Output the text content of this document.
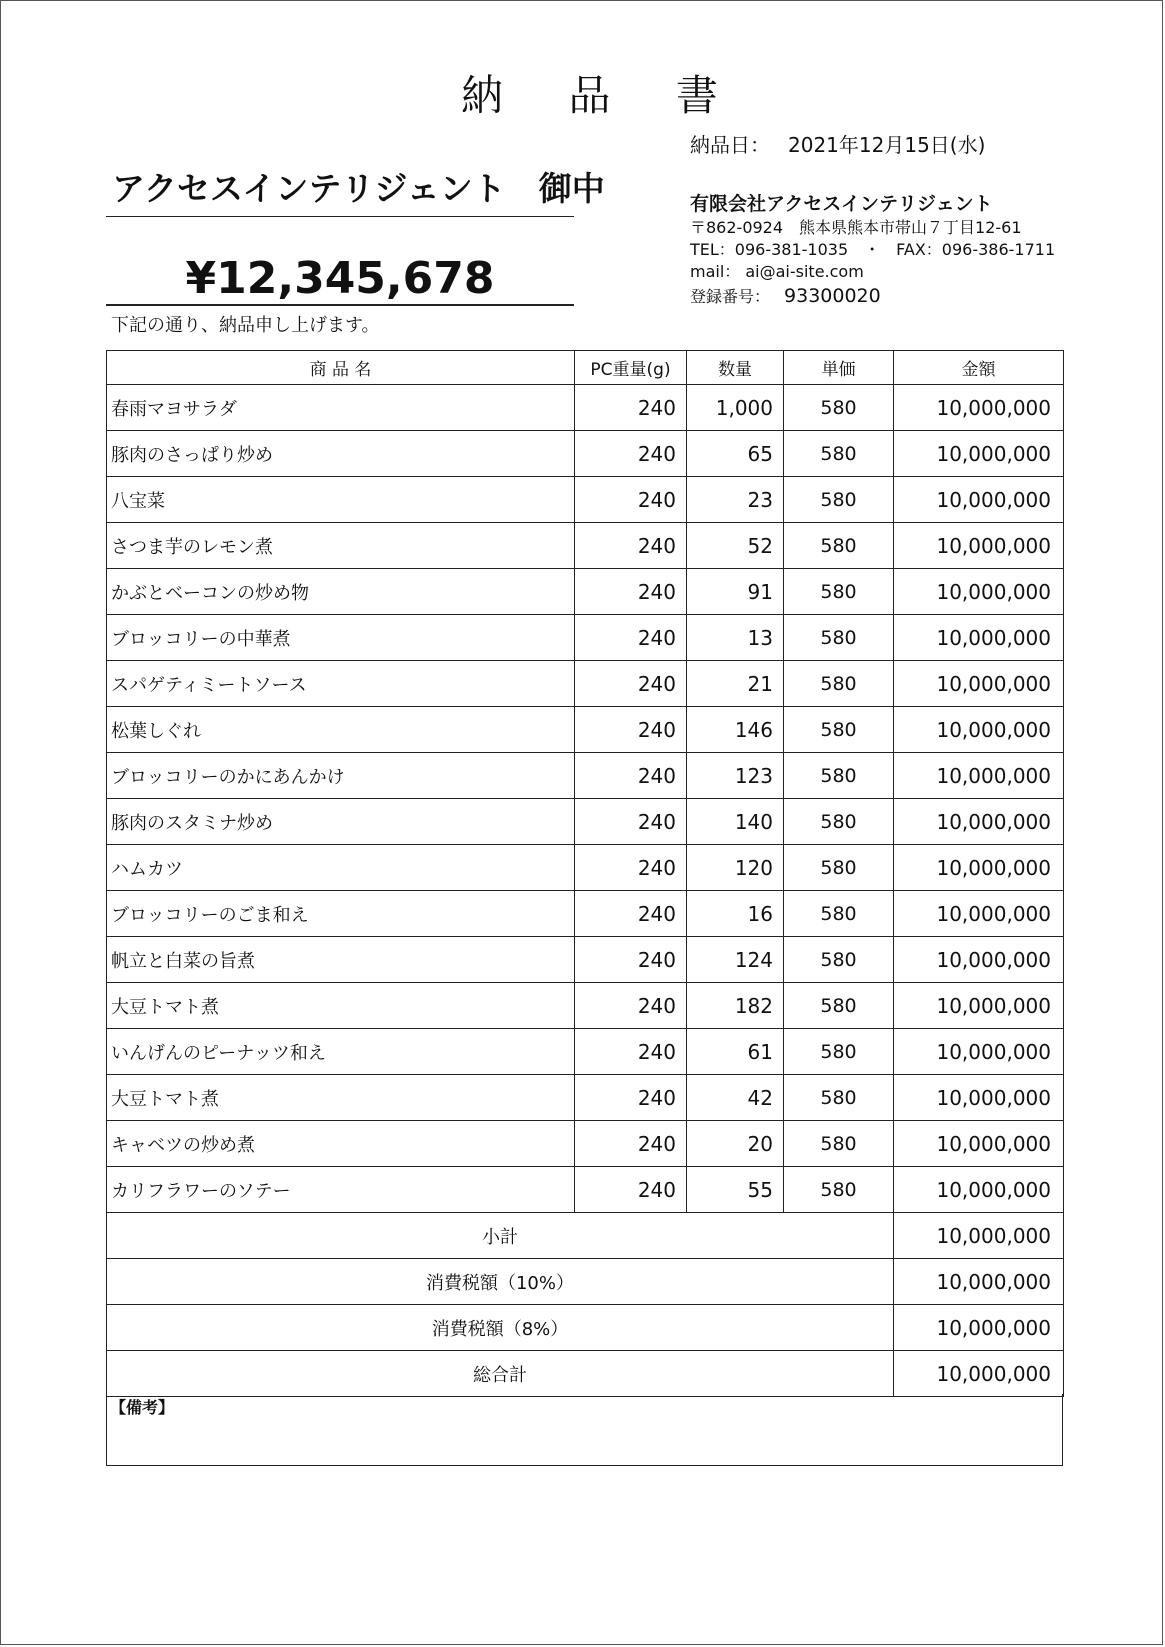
納 品 書
納品日： 2021年12月15日(水)
アクセスインテリジェント　御中
¥12,345,678
下記の通り、納品申し上げます。
有限会社アクセスインテリジェント
〒862-0924　熊本県熊本市帯山７丁目12-61
TEL：096-381-1035　・　FAX：096-386-1711
mail： ai@ai-site.com
登録番号： 93300020
商 品 名	PC重量(g)	数量	単価	金額
春雨マヨサラダ	240	1,000	580	10,000,000
豚肉のさっぱり炒め	240	65	580	10,000,000
八宝菜	240	23	580	10,000,000
さつま芋のレモン煮	240	52	580	10,000,000
かぶとベーコンの炒め物	240	91	580	10,000,000
ブロッコリーの中華煮	240	13	580	10,000,000
スパゲティミートソース	240	21	580	10,000,000
松葉しぐれ	240	146	580	10,000,000
ブロッコリーのかにあんかけ	240	123	580	10,000,000
豚肉のスタミナ炒め	240	140	580	10,000,000
ハムカツ	240	120	580	10,000,000
ブロッコリーのごま和え	240	16	580	10,000,000
帆立と白菜の旨煮	240	124	580	10,000,000
大豆トマト煮	240	182	580	10,000,000
いんげんのピーナッツ和え	240	61	580	10,000,000
大豆トマト煮	240	42	580	10,000,000
キャベツの炒め煮	240	20	580	10,000,000
カリフラワーのソテー	240	55	580	10,000,000
小計				10,000,000
消費税額（10%）				10,000,000
消費税額（8%）				10,000,000
総合計				10,000,000
【備考】
